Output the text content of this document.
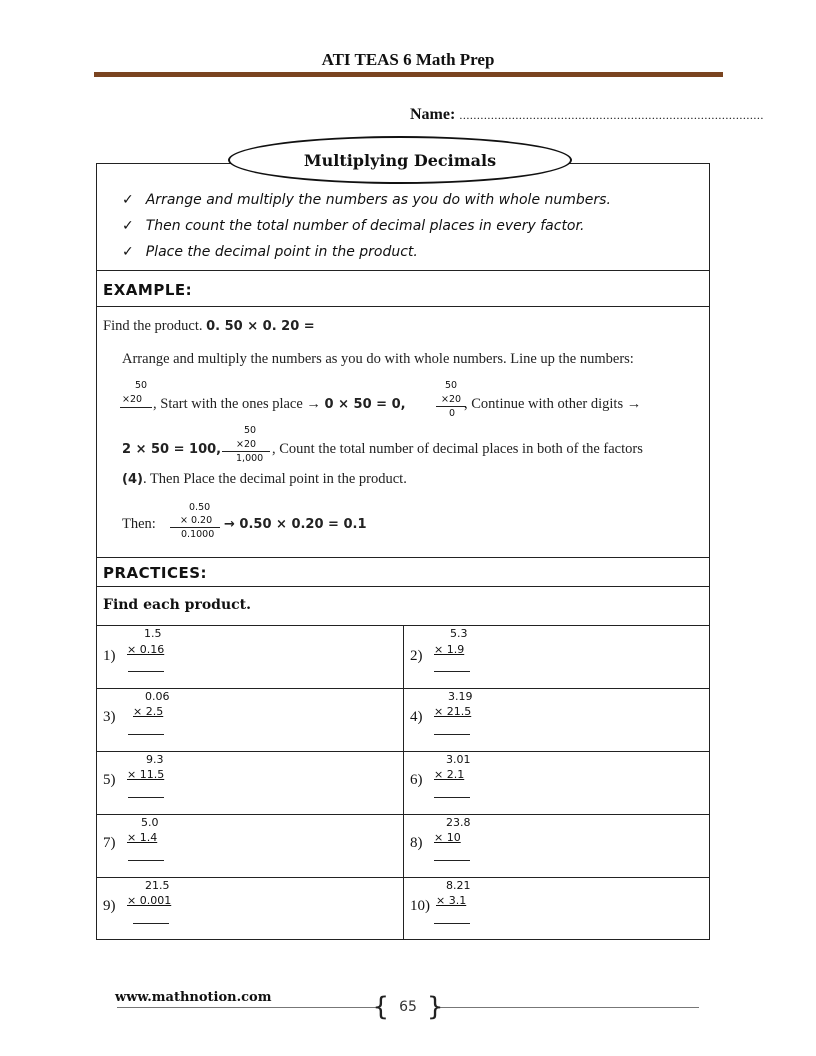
ATI TEAS 6 Math Prep
Name: .......................................................................................
Multiplying Decimals
✓ Arrange and multiply the numbers as you do with whole numbers.
✓ Then count the total number of decimal places in every factor.
✓ Place the decimal point in the product.
EXAMPLE:
Find the product. 0. 50 × 0. 20 =
Arrange and multiply the numbers as you do with whole numbers. Line up the numbers:
50
×20 , Start with the ones place → 0 × 50 = 0,
50
×20
0
, Continue with other digits →
2 × 50 = 100,
50
×20
1,000
, Count the total number of decimal places in both of the factors
(4). Then Place the decimal point in the product.
Then:
0.50
× 0.20
0.1000
→ 0.50 × 0.20 = 0.1
PRACTICES:
Find each product.
1)
1.5
× 0.16	2)
5.3
× 1.9
3)
0.06
× 2.5	4)
3.19
× 21.5
5)
9.3
× 11.5	6)
3.01
× 2.1
7)
5.0
× 1.4	8)
23.8
× 10
9)
21.5
× 0.001	10)
8.21
× 3.1
www.mathnotion.com	{ 65 }
